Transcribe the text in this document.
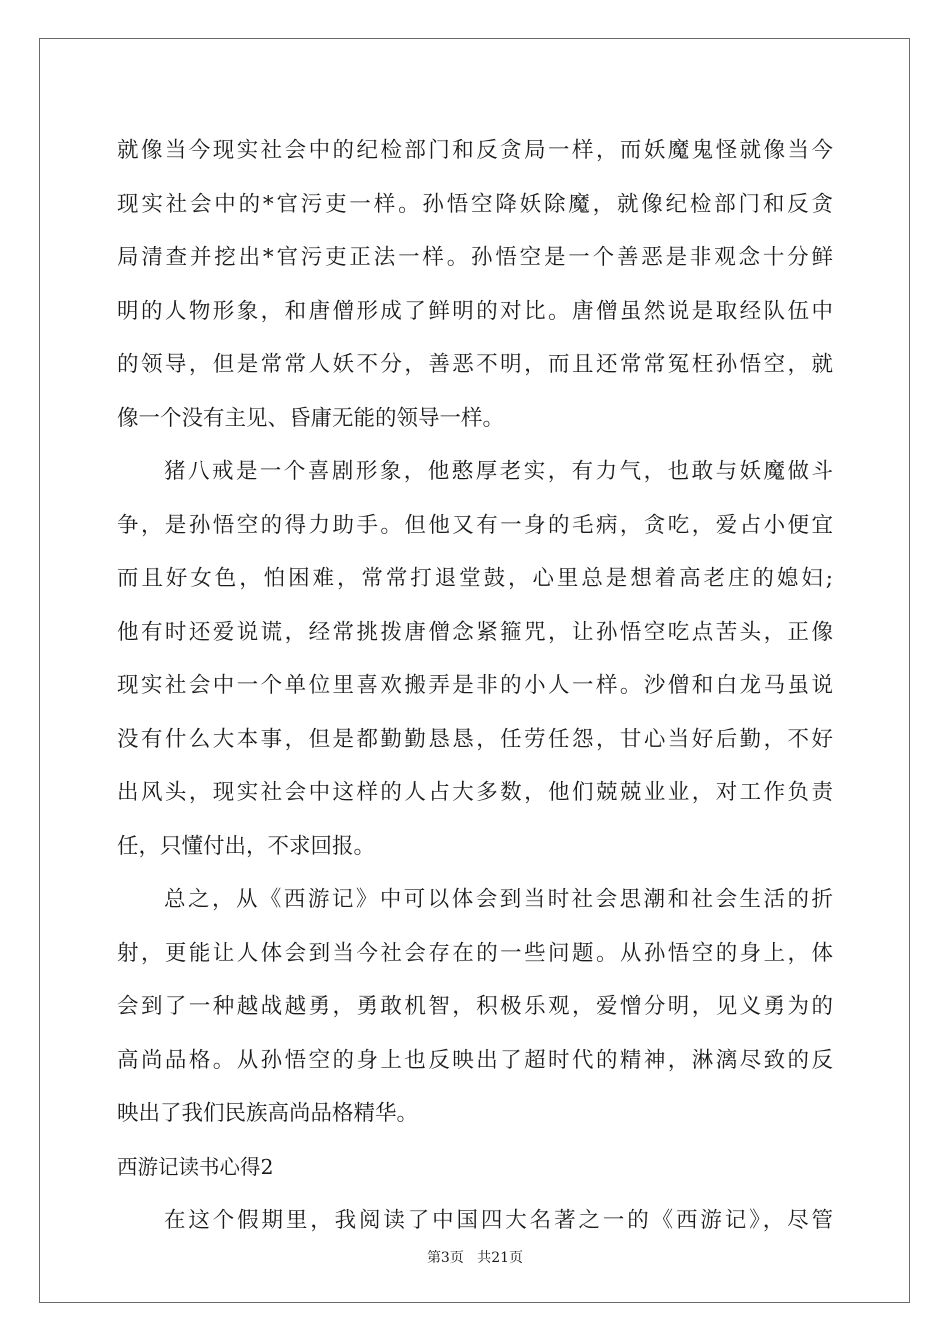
就像当今现实社会中的纪检部门和反贪局一样，而妖魔鬼怪就像当今
现实社会中的*官污吏一样。孙悟空降妖除魔，就像纪检部门和反贪
局清查并挖出*官污吏正法一样。孙悟空是一个善恶是非观念十分鲜
明的人物形象，和唐僧形成了鲜明的对比。唐僧虽然说是取经队伍中
的领导，但是常常人妖不分，善恶不明，而且还常常冤枉孙悟空，就
像一个没有主见、昏庸无能的领导一样。
猪八戒是一个喜剧形象，他憨厚老实，有力气，也敢与妖魔做斗
争，是孙悟空的得力助手。但他又有一身的毛病，贪吃，爱占小便宜
而且好女色，怕困难，常常打退堂鼓，心里总是想着高老庄的媳妇;
他有时还爱说谎，经常挑拨唐僧念紧箍咒，让孙悟空吃点苦头，正像
现实社会中一个单位里喜欢搬弄是非的小人一样。沙僧和白龙马虽说
没有什么大本事，但是都勤勤恳恳，任劳任怨，甘心当好后勤，不好
出风头，现实社会中这样的人占大多数，他们兢兢业业，对工作负责
任，只懂付出，不求回报。
总之，从《西游记》中可以体会到当时社会思潮和社会生活的折
射，更能让人体会到当今社会存在的一些问题。从孙悟空的身上，体
会到了一种越战越勇，勇敢机智，积极乐观，爱憎分明，见义勇为的
高尚品格。从孙悟空的身上也反映出了超时代的精神，淋漓尽致的反
映出了我们民族高尚品格精华。
西游记读书心得2
在这个假期里，我阅读了中国四大名著之一的《西游记》，尽管
第3页 共21页
